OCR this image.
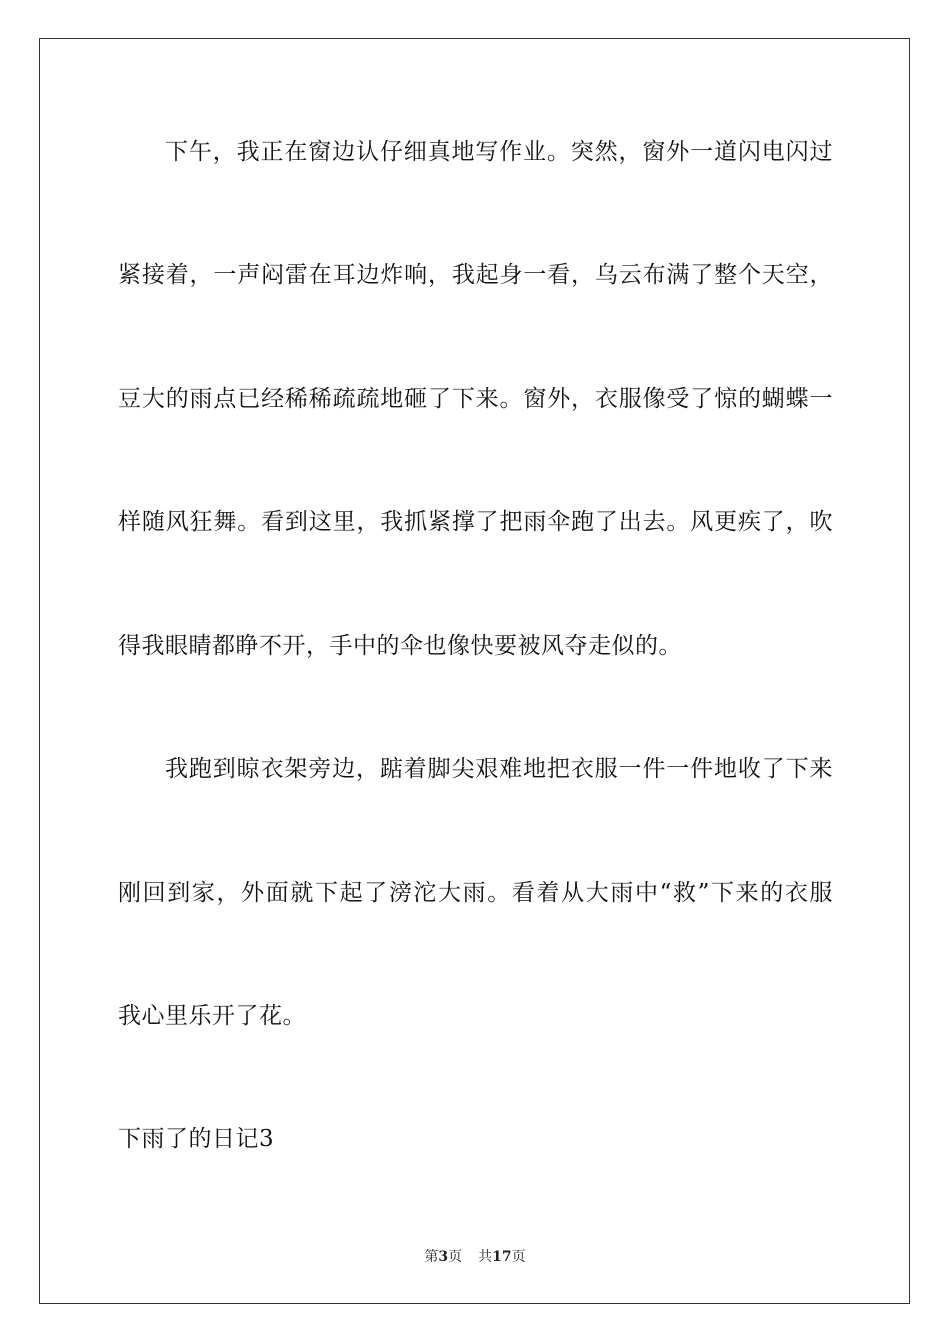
下午，我正在窗边认仔细真地写作业。突然，窗外一道闪电闪过
紧接着，一声闷雷在耳边炸响，我起身一看，乌云布满了整个天空，
豆大的雨点已经稀稀疏疏地砸了下来。窗外，衣服像受了惊的蝴蝶一
样随风狂舞。看到这里，我抓紧撑了把雨伞跑了出去。风更疾了，吹
得我眼睛都睁不开，手中的伞也像快要被风夺走似的。
我跑到晾衣架旁边，踮着脚尖艰难地把衣服一件一件地收了下来
刚回到家，外面就下起了滂沱大雨。看着从大雨中“救”下来的衣服
我心里乐开了花。
下雨了的日记3
第3页 共17页
